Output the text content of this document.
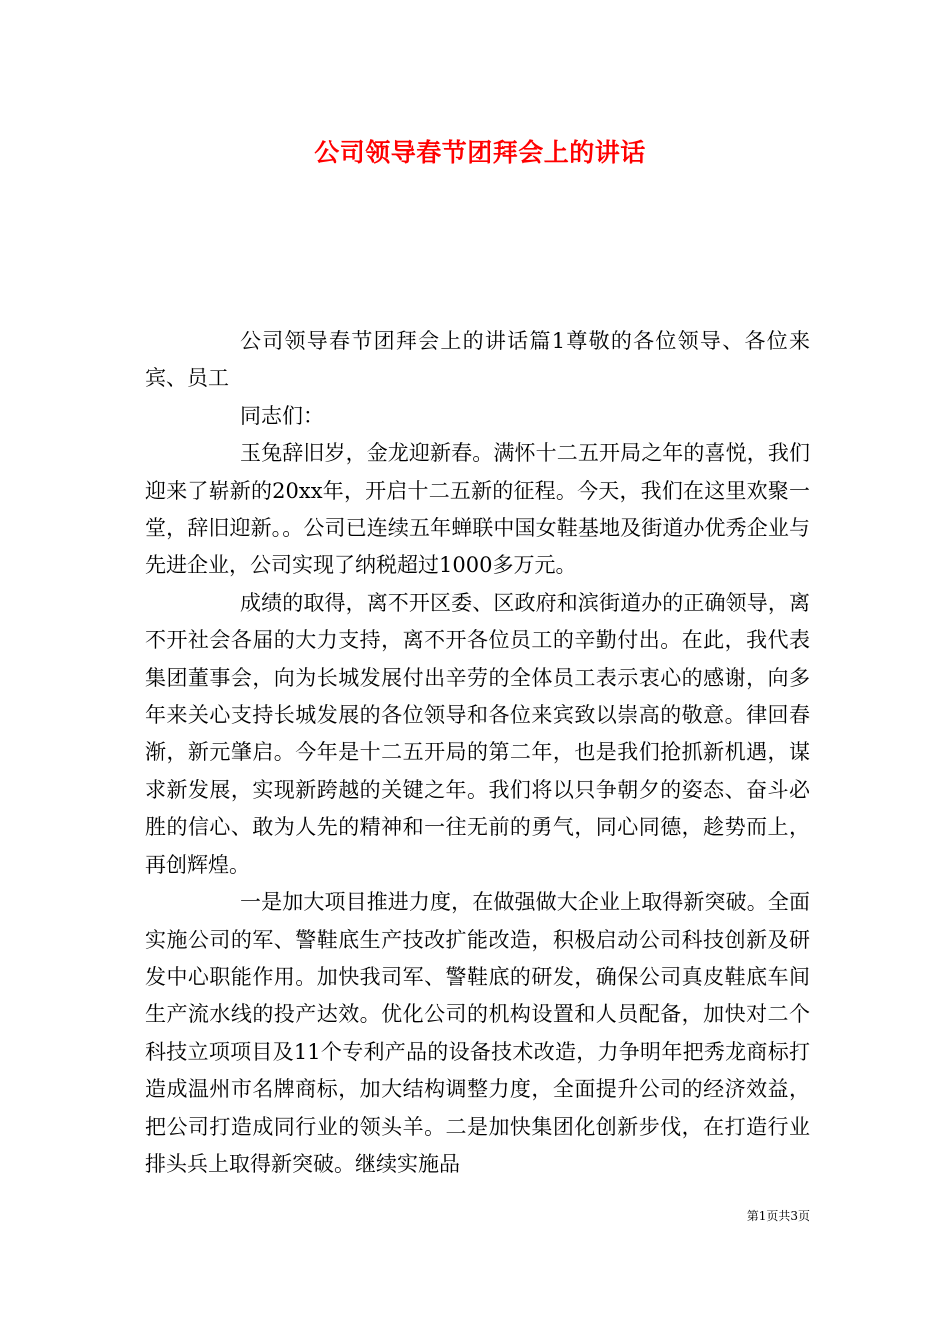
公司领导春节团拜会上的讲话

公司领导春节团拜会上的讲话篇1尊敬的各位领导、各位来宾、员工

同志们：

玉兔辞旧岁，金龙迎新春。满怀十二五开局之年的喜悦，我们迎来了崭新的20xx年，开启十二五新的征程。今天，我们在这里欢聚一堂，辞旧迎新。。公司已连续五年蝉联中国女鞋基地及街道办优秀企业与先进企业，公司实现了纳税超过1000多万元。

成绩的取得，离不开区委、区政府和滨街道办的正确领导，离不开社会各届的大力支持，离不开各位员工的辛勤付出。在此，我代表集团董事会，向为长城发展付出辛劳的全体员工表示衷心的感谢，向多年来关心支持长城发展的各位领导和各位来宾致以崇高的敬意。律回春渐，新元肇启。今年是十二五开局的第二年，也是我们抢抓新机遇，谋求新发展，实现新跨越的关键之年。我们将以只争朝夕的姿态、奋斗必胜的信心、敢为人先的精神和一往无前的勇气，同心同德，趁势而上，再创辉煌。

一是加大项目推进力度，在做强做大企业上取得新突破。全面实施公司的军、警鞋底生产技改扩能改造，积极启动公司科技创新及研发中心职能作用。加快我司军、警鞋底的研发，确保公司真皮鞋底车间生产流水线的投产达效。优化公司的机构设置和人员配备，加快对二个科技立项项目及11个专利产品的设备技术改造，力争明年把秀龙商标打造成温州市名牌商标，加大结构调整力度，全面提升公司的经济效益，把公司打造成同行业的领头羊。二是加快集团化创新步伐，在打造行业排头兵上取得新突破。继续实施品

第1页共3页
